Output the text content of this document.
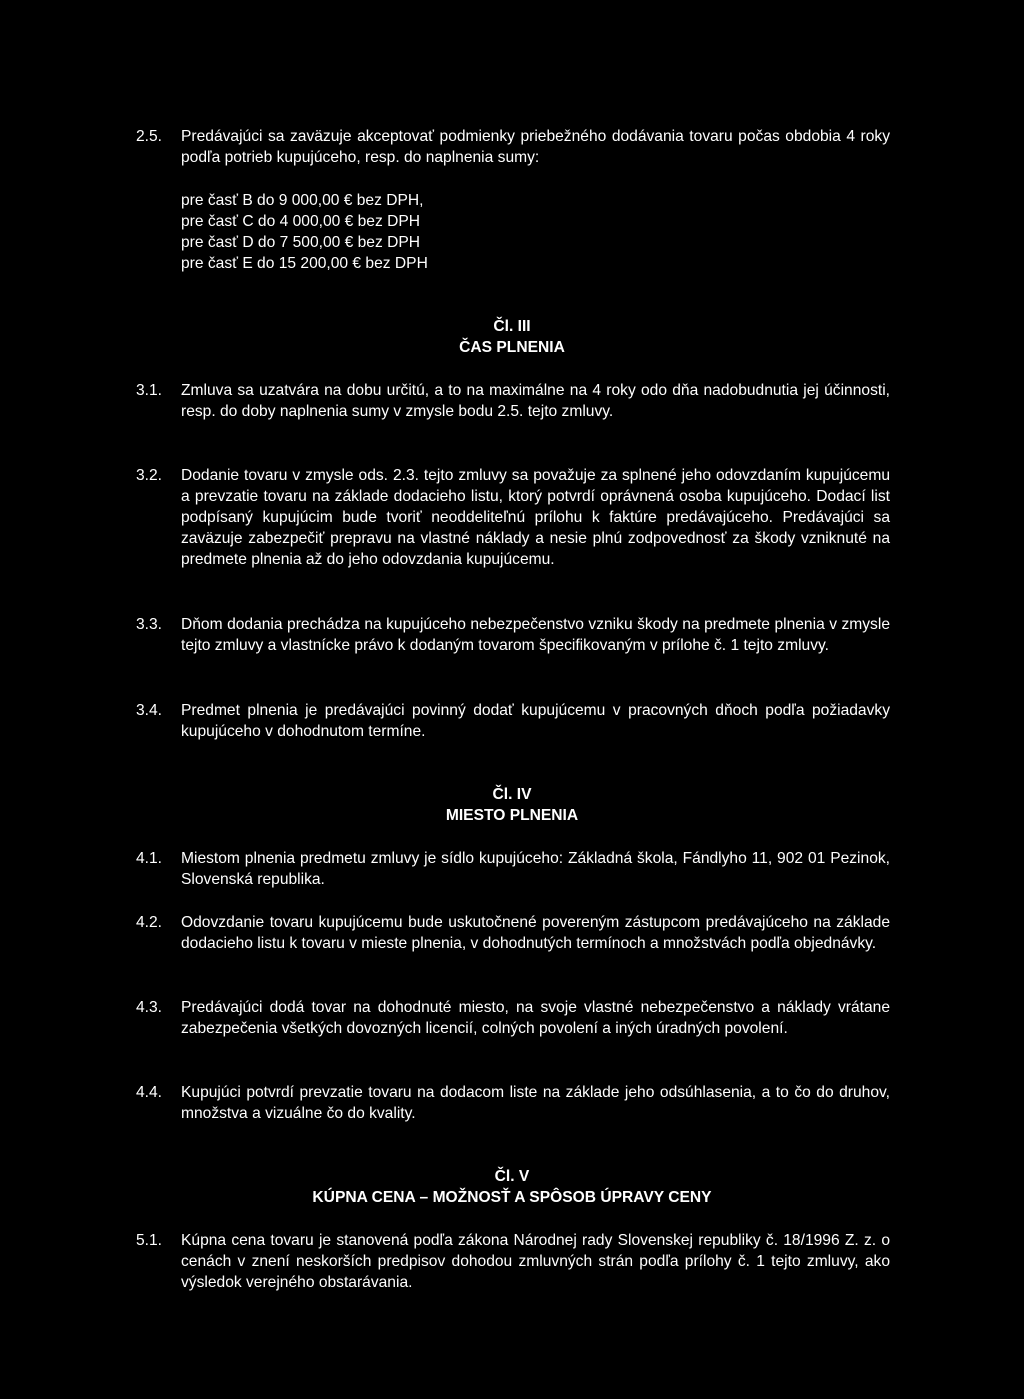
2.5.	Predávajúci sa zaväzuje akceptovať podmienky priebežného dodávania tovaru počas obdobia 4 roky podľa potrieb kupujúceho, resp. do naplnenia sumy:
pre časť B do 9 000,00 € bez DPH,
pre časť C do 4 000,00 € bez DPH
pre časť D do 7 500,00 € bez DPH
pre časť E do 15 200,00 € bez DPH
Čl. III
ČAS PLNENIA
3.1.	Zmluva sa uzatvára na dobu určitú, a to na maximálne na 4 roky odo dňa nadobudnutia jej účinnosti, resp. do doby naplnenia sumy v zmysle bodu 2.5. tejto zmluvy.
3.2.	Dodanie tovaru v zmysle ods. 2.3. tejto zmluvy sa považuje za splnené jeho odovzdaním kupujúcemu a prevzatie tovaru na základe dodacieho listu, ktorý potvrdí oprávnená osoba kupujúceho. Dodací list podpísaný kupujúcim bude tvoriť neoddeliteľnú prílohu k faktúre predávajúceho. Predávajúci sa zaväzuje zabezpečiť prepravu na vlastné náklady a nesie plnú zodpovednosť za škody vzniknuté na predmete plnenia až do jeho odovzdania kupujúcemu.
3.3.	Dňom dodania prechádza na kupujúceho nebezpečenstvo vzniku škody na predmete plnenia v zmysle tejto zmluvy a vlastnícke právo k dodaným tovarom špecifikovaným v prílohe č. 1 tejto zmluvy.
3.4.	Predmet plnenia je predávajúci povinný dodať kupujúcemu v pracovných dňoch podľa požiadavky kupujúceho v dohodnutom termíne.
Čl. IV
MIESTO PLNENIA
4.1.	Miestom plnenia predmetu zmluvy je sídlo kupujúceho: Základná škola, Fándlyho 11, 902 01 Pezinok, Slovenská republika.
4.2.	Odovzdanie tovaru kupujúcemu bude uskutočnené povereným zástupcom predávajúceho na základe dodacieho listu k tovaru v mieste plnenia, v dohodnutých termínoch a množstvách podľa objednávky.
4.3.	Predávajúci dodá tovar na dohodnuté miesto, na svoje vlastné nebezpečenstvo a náklady vrátane zabezpečenia všetkých dovozných licencií, colných povolení a iných úradných povolení.
4.4.	Kupujúci potvrdí prevzatie tovaru na dodacom liste na základe jeho odsúhlasenia, a to čo do druhov, množstva a vizuálne čo do kvality.
Čl. V
KÚPNA CENA – MOŽNOSŤ A SPÔSOB ÚPRAVY CENY
5.1.	Kúpna cena tovaru je stanovená podľa zákona Národnej rady Slovenskej republiky č. 18/1996 Z. z. o cenách v znení neskorších predpisov dohodou zmluvných strán podľa prílohy č. 1 tejto zmluvy, ako výsledok verejného obstarávania.
